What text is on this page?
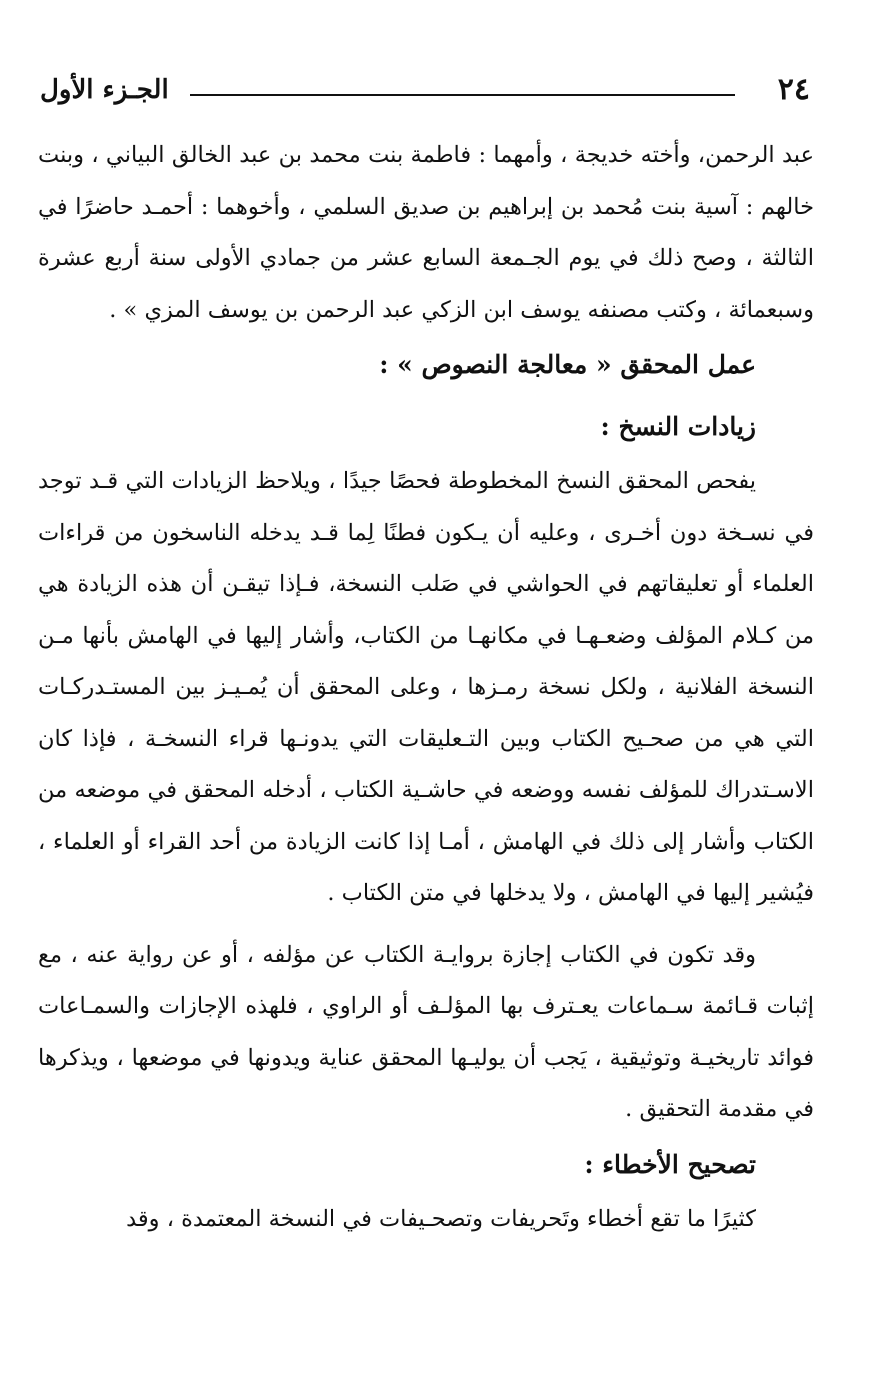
٢٤
الجـزء الأول

عبد الرحمن، وأخته خديجة ، وأمهما : فاطمة بنت محمد بن عبد الخالق البياني ، وبنت خالهم : آسية بنت مُحمد بن إبراهيم بن صديق السلمي ، وأخوهما : أحمـد حاضرًا في الثالثة ، وصح ذلك في يوم الجـمعة السابع عشر من جمادي الأولى سنة أربع عشرة وسبعمائة ، وكتب مصنفه يوسف ابن الزكي عبد الرحمن بن يوسف المزي » .

عمل المحقق « معالجة النصوص » :
زيادات النسخ :

يفحص المحقق النسخ المخطوطة فحصًا جيدًا ، ويلاحظ الزيادات التي قـد توجد في نسـخة دون أخـرى ، وعليه أن يـكون فطنًا لِما قـد يدخله الناسخون من قراءات العلماء أو تعليقاتهم في الحواشي في صَلب النسخة، فـإذا تيقـن أن هذه الزيادة هي من كـلام المؤلف وضعـهـا في مكانهـا من الكتاب، وأشار إليها في الهامش بأنها مـن النسخة الفلانية ، ولكل نسخة رمـزها ، وعلى المحقق أن يُمـيـز بين المستـدركـات التي هي من صحـيح الكتاب وبين التـعليقات التي يدونـها قراء النسخـة ، فإذا كان الاسـتدراك للمؤلف نفسه ووضعه في حاشـية الكتاب ، أدخله المحقق في موضعه من الكتاب وأشار إلى ذلك في الهامش ، أمـا إذا كانت الزيادة من أحد القراء أو العلماء ، فيُشير إليها في الهامش ، ولا يدخلها في متن الكتاب .

وقد تكون في الكتاب إجازة بروايـة الكتاب عن مؤلفه ، أو عن رواية عنه ، مع إثبات قـائمة سـماعات يعـترف بها المؤلـف أو الراوي ، فلهذه الإجازات والسمـاعات فوائد تاريخيـة وتوثيقية ، يَجب أن يوليـها المحقق عناية ويدونها في موضعها ، ويذكرها في مقدمة التحقيق .

تصحيح الأخطاء :

كثيرًا ما تقع أخطاء وتَحريفات وتصحـيفات في النسخة المعتمدة ، وقد
